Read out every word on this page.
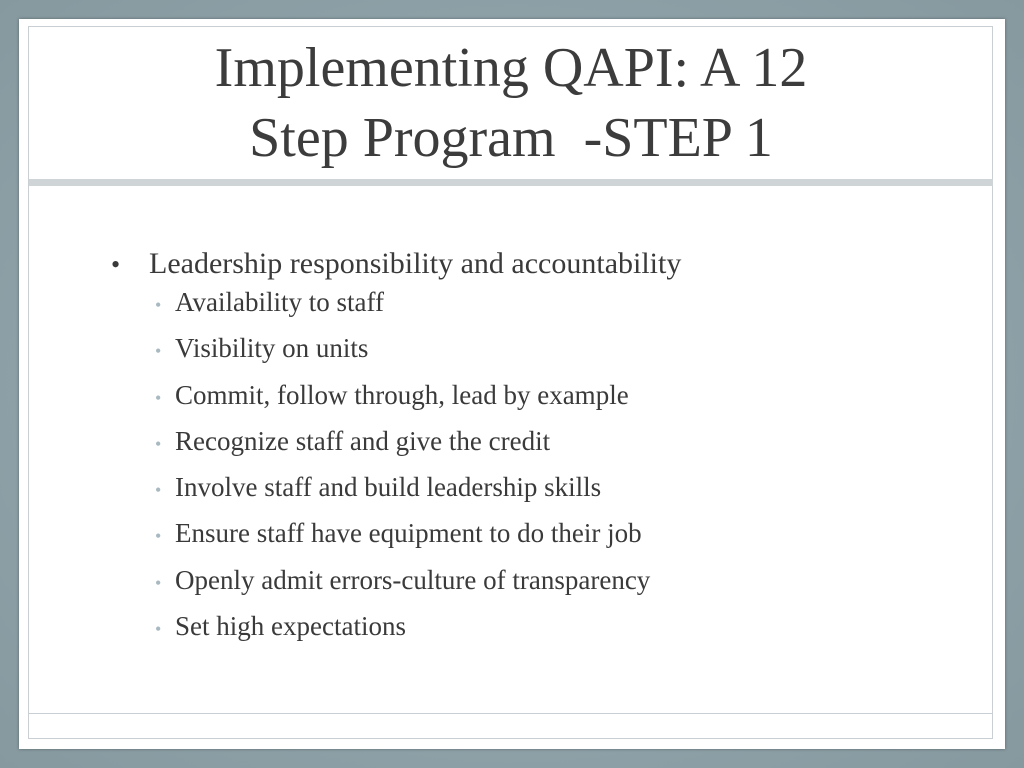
Implementing QAPI: A 12
Step Program  -STEP 1
• Leadership responsibility and accountability
• Availability to staff
• Visibility on units
• Commit, follow through, lead by example
• Recognize staff and give the credit
• Involve staff and build leadership skills
• Ensure staff have equipment to do their job
• Openly admit errors-culture of transparency
• Set high expectations
